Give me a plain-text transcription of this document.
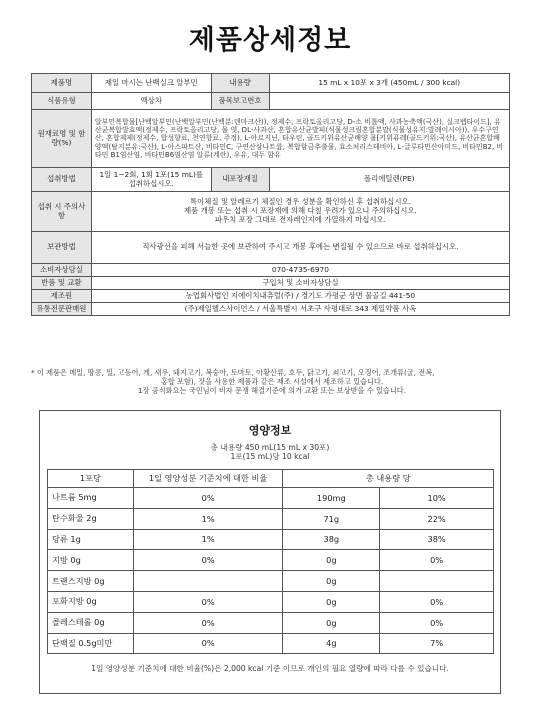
제품상세정보
제품명	제일 마시는 난백실크 알부민	내용량	15 mL x 10포 x 3개 (450mL / 300 kcal)
식품유형	액상차	품목보고번호	
원재료명 및 함량(%)	알부민복합물[난백알부민(난백알부민(난백분:덴마크산)), 정제수, 프락토올리고당, D-소 비톨액, 사과농축액(국산), 실크펩타이드], 유산균복합발효액(정제수, 프락토올리고당, 물 엿, DL-사과산, 혼합유산균발피(식물성크림혼합분말(식물성유지:말레이시아)), 우수구연 산, 혼합제제(정제수, 합성향료, 천연향료, 주정), L-아르지닌, 타우린, 골드키위유산균배양 물[키위퓨레(골드키위:국산), 유산균혼합배양액(탈지분유:국산), L-아스파트산, 비타민C, 구연산삼나트륨, 복합함금추출물, 효소처리스테비아, L-글루타민산아미드, 비타민B2, 비타민 B1염산염, 비타민B6염산염 알류(계란), 우유, 대두 함유		
섭취방법	1일 1~2회, 1회 1포(15 mL)를 섭취하십시오.	내포장재질	폴리에틸렌(PE)
섭취 시 주의사항	특이체질 및 알레르기 체질인 경우 성분을 확인하신 후 섭취하십시오.
제품 개봉 또는 섭취 시 포장재에 의해 다칠 우려가 있으니 주의하십시오.
파우치 포장 그대로 전자레인지에 가열하지 마십시오.		

보관방법	직사광선을 피해 서늘한 곳에 보관하여 주시고 개봉 후에는 변질될 수 있으므로 바로 섭취하십시오.		
소비자상담실	070-4735-6970		
반품 및 교환	구입처 및 소비자상담실		
제조원	농업회사법인 지에이치내츄럴(주) / 경기도 가평군 상면 물골길 441-50		
유통전문판매원	(주)제일헬스사이언스 / 서울특별시 서초구 사평대로 343 제일약품 사옥		
* 이 제품은 메밀, 땅콩, 밀, 고등어, 게, 새우, 돼지고기, 복숭아, 토마토, 아황산류, 호두, 닭고기, 쇠고기, 오징어, 조개류(굴, 전복,
홍합 포함), 잣을 사용한 제품과 같은 제조 시설에서 제조하고 있습니다.
1장 공식화요는 국민님이 비자 문쟁 해결기준에 의거 교환 또는 보상받을 수 있습니다.
영양정보
총 내용량 450 mL(15 mL x 30포)
1포(15 mL)당 10 kcal
1포당	1일 영양성분 기준치에 대한 비율	총 내용량 당	
나트륨 5mg	0%	190mg	10%
탄수화물 2g	1%	71g	22%
당류 1g	1%	38g	38%
지방 0g	0%	0g	0%
트랜스지방 0g		0g	
포화지방 0g	0%	0g	0%
콜레스테롤 0g	0%	0g	0%
단백질 0.5g미만	0%	4g	7%
1일 영양성분 기준치에 대한 비율(%)은 2,000 kcal 기준 이므로 개인의 필요 열량에 따라 다를 수 있습니다.
